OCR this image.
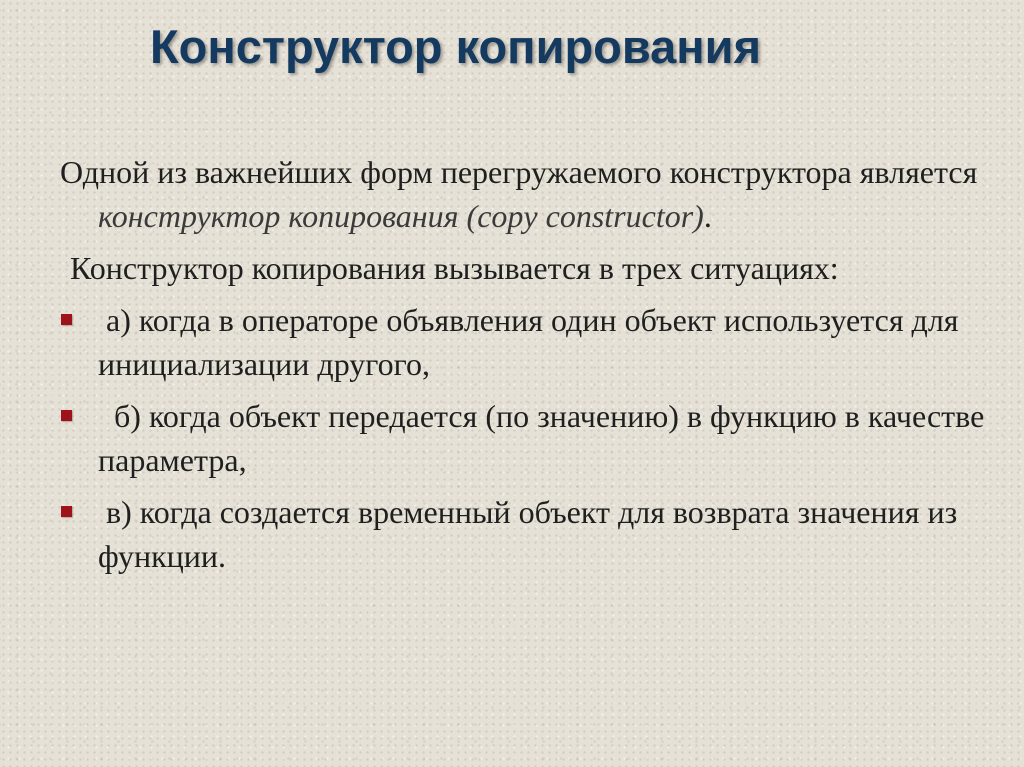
Конструктор копирования

Одной из важнейших форм перегружаемого конструктора является конструктор копирования (copy constructor).

Конструктор копирования вызывается в трех ситуациях:

а) когда в операторе объявления один объект используется для инициализации другого,
б) когда объект передается (по значению) в функцию в качестве параметра,
в) когда создается временный объект для возврата значения из функции.
